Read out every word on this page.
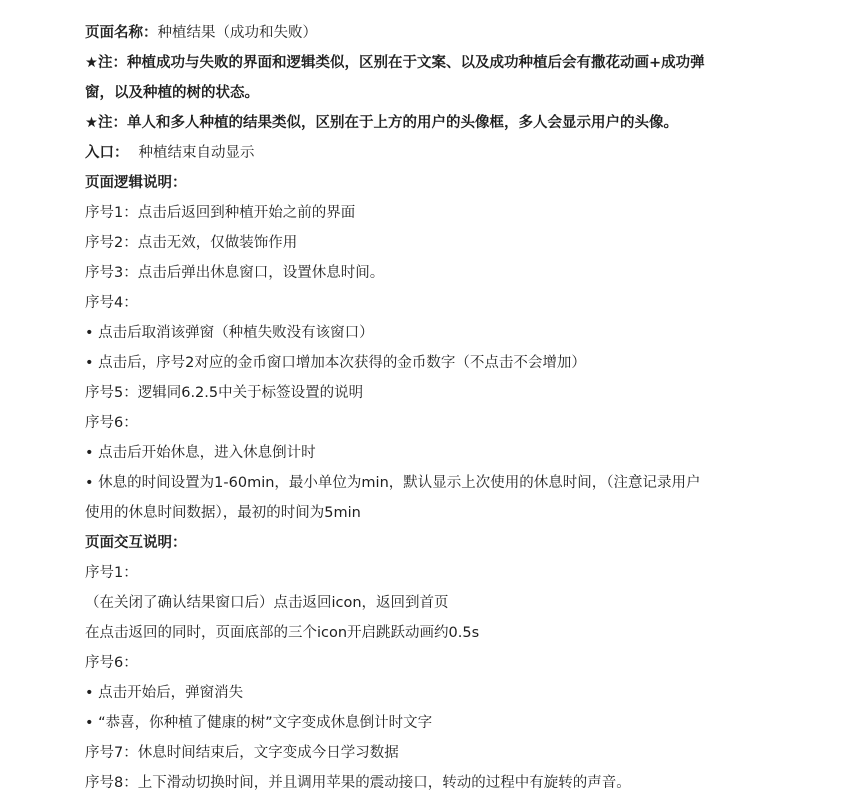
页面名称：种植结果（成功和失败）
★注：种植成功与失败的界面和逻辑类似，区别在于文案、以及成功种植后会有撒花动画+成功弹
窗，以及种植的树的状态。
★注：单人和多人种植的结果类似，区别在于上方的用户的头像框，多人会显示用户的头像。
入口： 种植结束自动显示
页面逻辑说明：
序号1：点击后返回到种植开始之前的界面
序号2：点击无效，仅做装饰作用
序号3：点击后弹出休息窗口，设置休息时间。
序号4：
• 点击后取消该弹窗（种植失败没有该窗口）
• 点击后，序号2对应的金币窗口增加本次获得的金币数字（不点击不会增加）
序号5：逻辑同6.2.5中关于标签设置的说明
序号6：
• 点击后开始休息，进入休息倒计时
• 休息的时间设置为1-60min，最小单位为min，默认显示上次使用的休息时间，（注意记录用户
使用的休息时间数据），最初的时间为5min
页面交互说明：
序号1：
（在关闭了确认结果窗口后）点击返回icon，返回到首页
在点击返回的同时，页面底部的三个icon开启跳跃动画约0.5s
序号6：
• 点击开始后，弹窗消失
• “恭喜，你种植了健康的树”文字变成休息倒计时文字
序号7：休息时间结束后，文字变成今日学习数据
序号8：上下滑动切换时间，并且调用苹果的震动接口，转动的过程中有旋转的声音。
